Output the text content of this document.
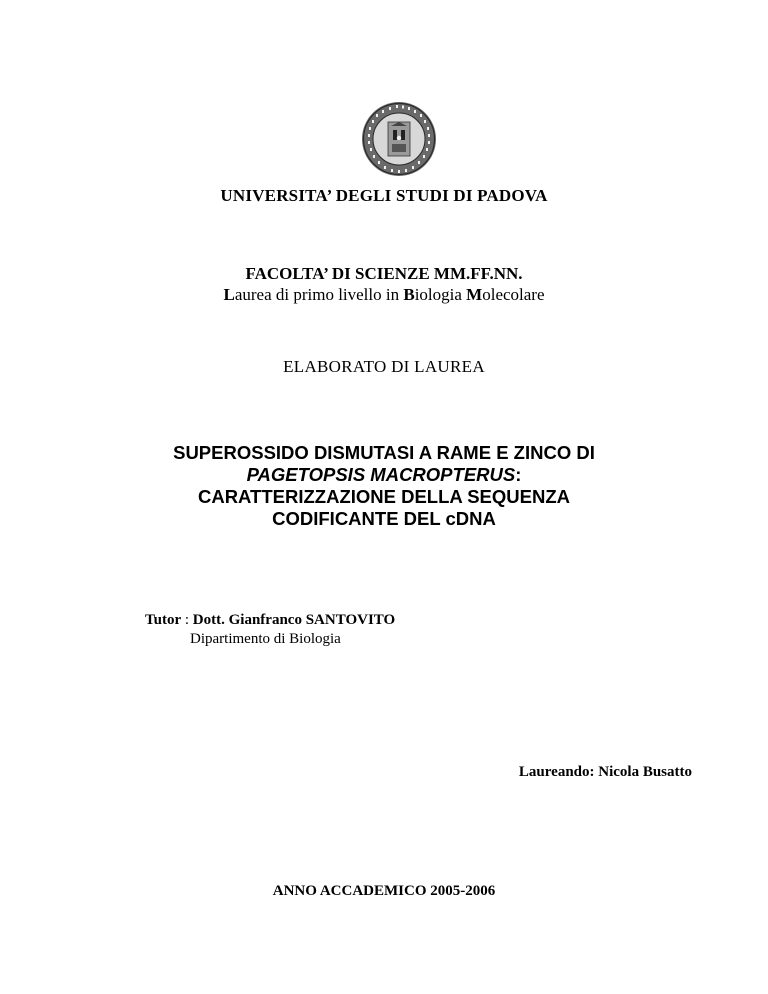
UNIVERSITA’ DEGLI STUDI DI PADOVA
FACOLTA’ DI SCIENZE MM.FF.NN.
Laurea di primo livello in Biologia Molecolare
ELABORATO DI LAUREA
SUPEROSSIDO DISMUTASI A RAME E ZINCO DI
PAGETOPSIS MACROPTERUS:
CARATTERIZZAZIONE DELLA SEQUENZA
CODIFICANTE DEL cDNA
Tutor : Dott. Gianfranco SANTOVITO
Dipartimento di Biologia
Laureando: Nicola Busatto
ANNO ACCADEMICO 2005-2006
